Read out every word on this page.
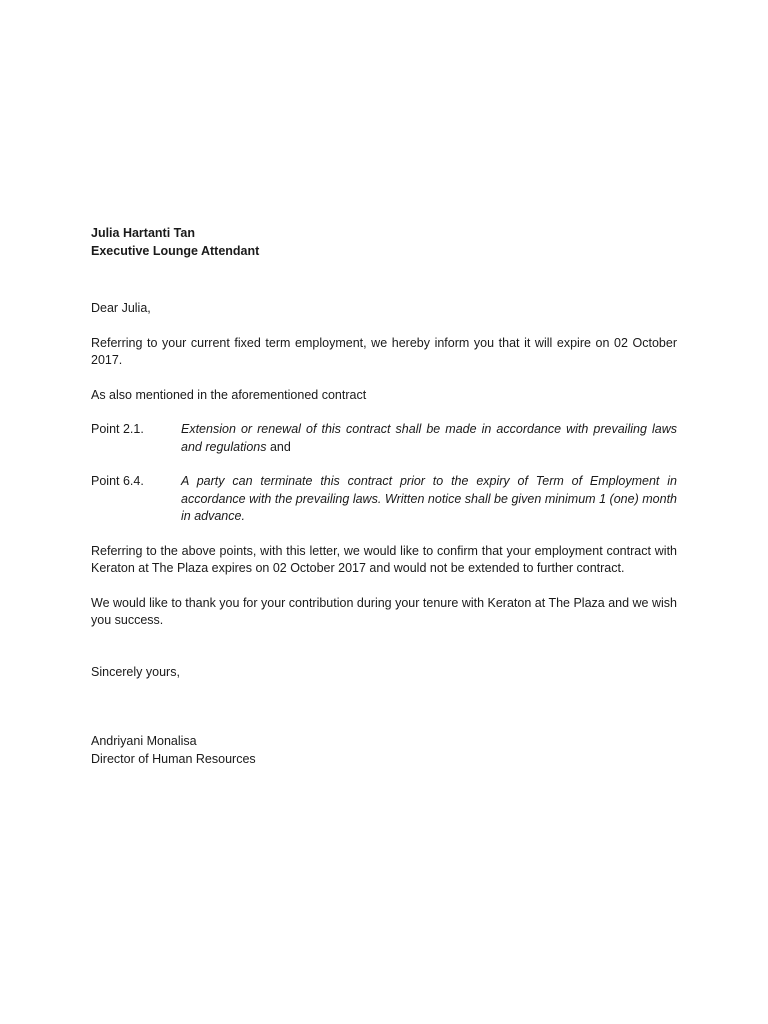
Julia Hartanti Tan
Executive Lounge Attendant

Dear Julia,

Referring to your current fixed term employment, we hereby inform you that it will expire on 02 October 2017.

As also mentioned in the aforementioned contract

Point 2.1.	Extension or renewal of this contract shall be made in accordance with prevailing laws and regulations and
Point 6.4.	A party can terminate this contract prior to the expiry of Term of Employment in accordance with the prevailing laws. Written notice shall be given minimum 1 (one) month in advance.

Referring to the above points, with this letter, we would like to confirm that your employment contract with Keraton at The Plaza expires on 02 October 2017 and would not be extended to further contract.

We would like to thank you for your contribution during your tenure with Keraton at The Plaza and we wish you success.

Sincerely yours,

Andriyani Monalisa
Director of Human Resources
